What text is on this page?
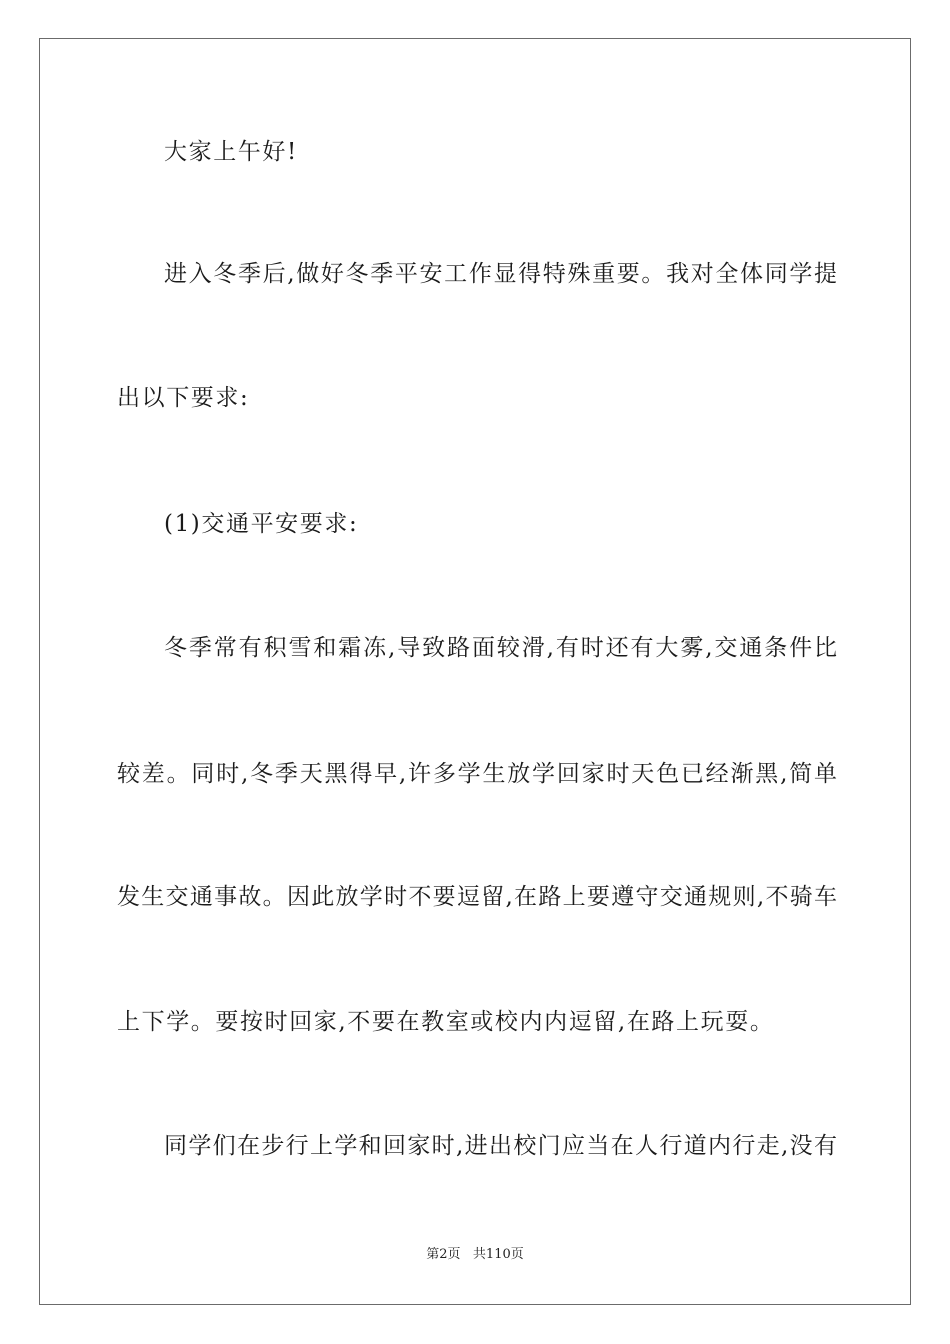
大家上午好!
进入冬季后,做好冬季平安工作显得特殊重要。我对全体同学提
出以下要求:
(1)交通平安要求:
冬季常有积雪和霜冻,导致路面较滑,有时还有大雾,交通条件比
较差。同时,冬季天黑得早,许多学生放学回家时天色已经渐黑,简单
发生交通事故。因此放学时不要逗留,在路上要遵守交通规则,不骑车
上下学。要按时回家,不要在教室或校内内逗留,在路上玩耍。
同学们在步行上学和回家时,进出校门应当在人行道内行走,没有
第2页 共110页
